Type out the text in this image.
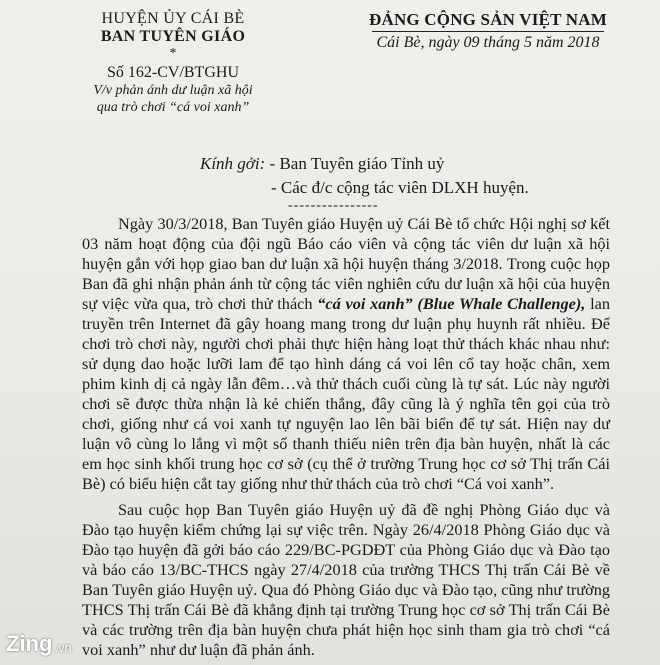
HUYỆN ỦY CÁI BÈ
BAN TUYÊN GIÁO
*
Số 162-CV/BTGHU
V/v phản ánh dư luận xã hội
qua trò chơi “cá voi xanh”
ĐẢNG CỘNG SẢN VIỆT NAM
Cái Bè, ngày 09 tháng 5 năm 2018
Kính gởi: - Ban Tuyên giáo Tỉnh uỷ
- Các đ/c cộng tác viên DLXH huyện.
----------------

Ngày 30/3/2018, Ban Tuyên giáo Huyện uỷ Cái Bè tổ chức Hội nghị sơ kết 03 năm hoạt động của đội ngũ Báo cáo viên và cộng tác viên dư luận xã hội huyện gắn với họp giao ban dư luận xã hội huyện tháng 3/2018. Trong cuộc họp Ban đã ghi nhận phản ánh từ cộng tác viên nghiên cứu dư luận xã hội của huyện sự việc vừa qua, trò chơi thử thách “cá voi xanh” (Blue Whale Challenge), lan truyền trên Internet đã gây hoang mang trong dư luận phụ huynh rất nhiều. Để chơi trò chơi này, người chơi phải thực hiện hàng loạt thử thách khác nhau như: sử dụng dao hoặc lưỡi lam để tạo hình dáng cá voi lên cổ tay hoặc chân, xem phim kinh dị cả ngày lẫn đêm…và thử thách cuối cùng là tự sát. Lúc này người chơi sẽ được thừa nhận là kẻ chiến thắng, đây cũng là ý nghĩa tên gọi của trò chơi, giống như cá voi xanh tự nguyện lao lên bãi biển để tự sát. Hiện nay dư luận vô cùng lo lắng vì một số thanh thiếu niên trên địa bàn huyện, nhất là các em học sinh khối trung học cơ sở (cụ thể ở trường Trung học cơ sở Thị trấn Cái Bè) có biểu hiện cắt tay giống như thử thách của trò chơi “Cá voi xanh”.

Sau cuộc họp Ban Tuyên giáo Huyện uỷ đã đề nghị Phòng Giáo dục và Đào tạo huyện kiểm chứng lại sự việc trên. Ngày 26/4/2018 Phòng Giáo dục và Đào tạo huyện đã gởi báo cáo 229/BC-PGDĐT của Phòng Giáo dục và Đào tạo và báo cáo 13/BC-THCS ngày 27/4/2018 của trường THCS Thị trấn Cái Bè về Ban Tuyên giáo Huyện uỷ. Qua đó Phòng Giáo dục và Đào tạo, cũng như trường THCS Thị trấn Cái Bè đã khẳng định tại trường Trung học cơ sở Thị trấn Cái Bè và các trường trên địa bàn huyện chưa phát hiện học sinh tham gia trò chơi “cá voi xanh” như dư luận đã phản ánh.

Zing .vn
